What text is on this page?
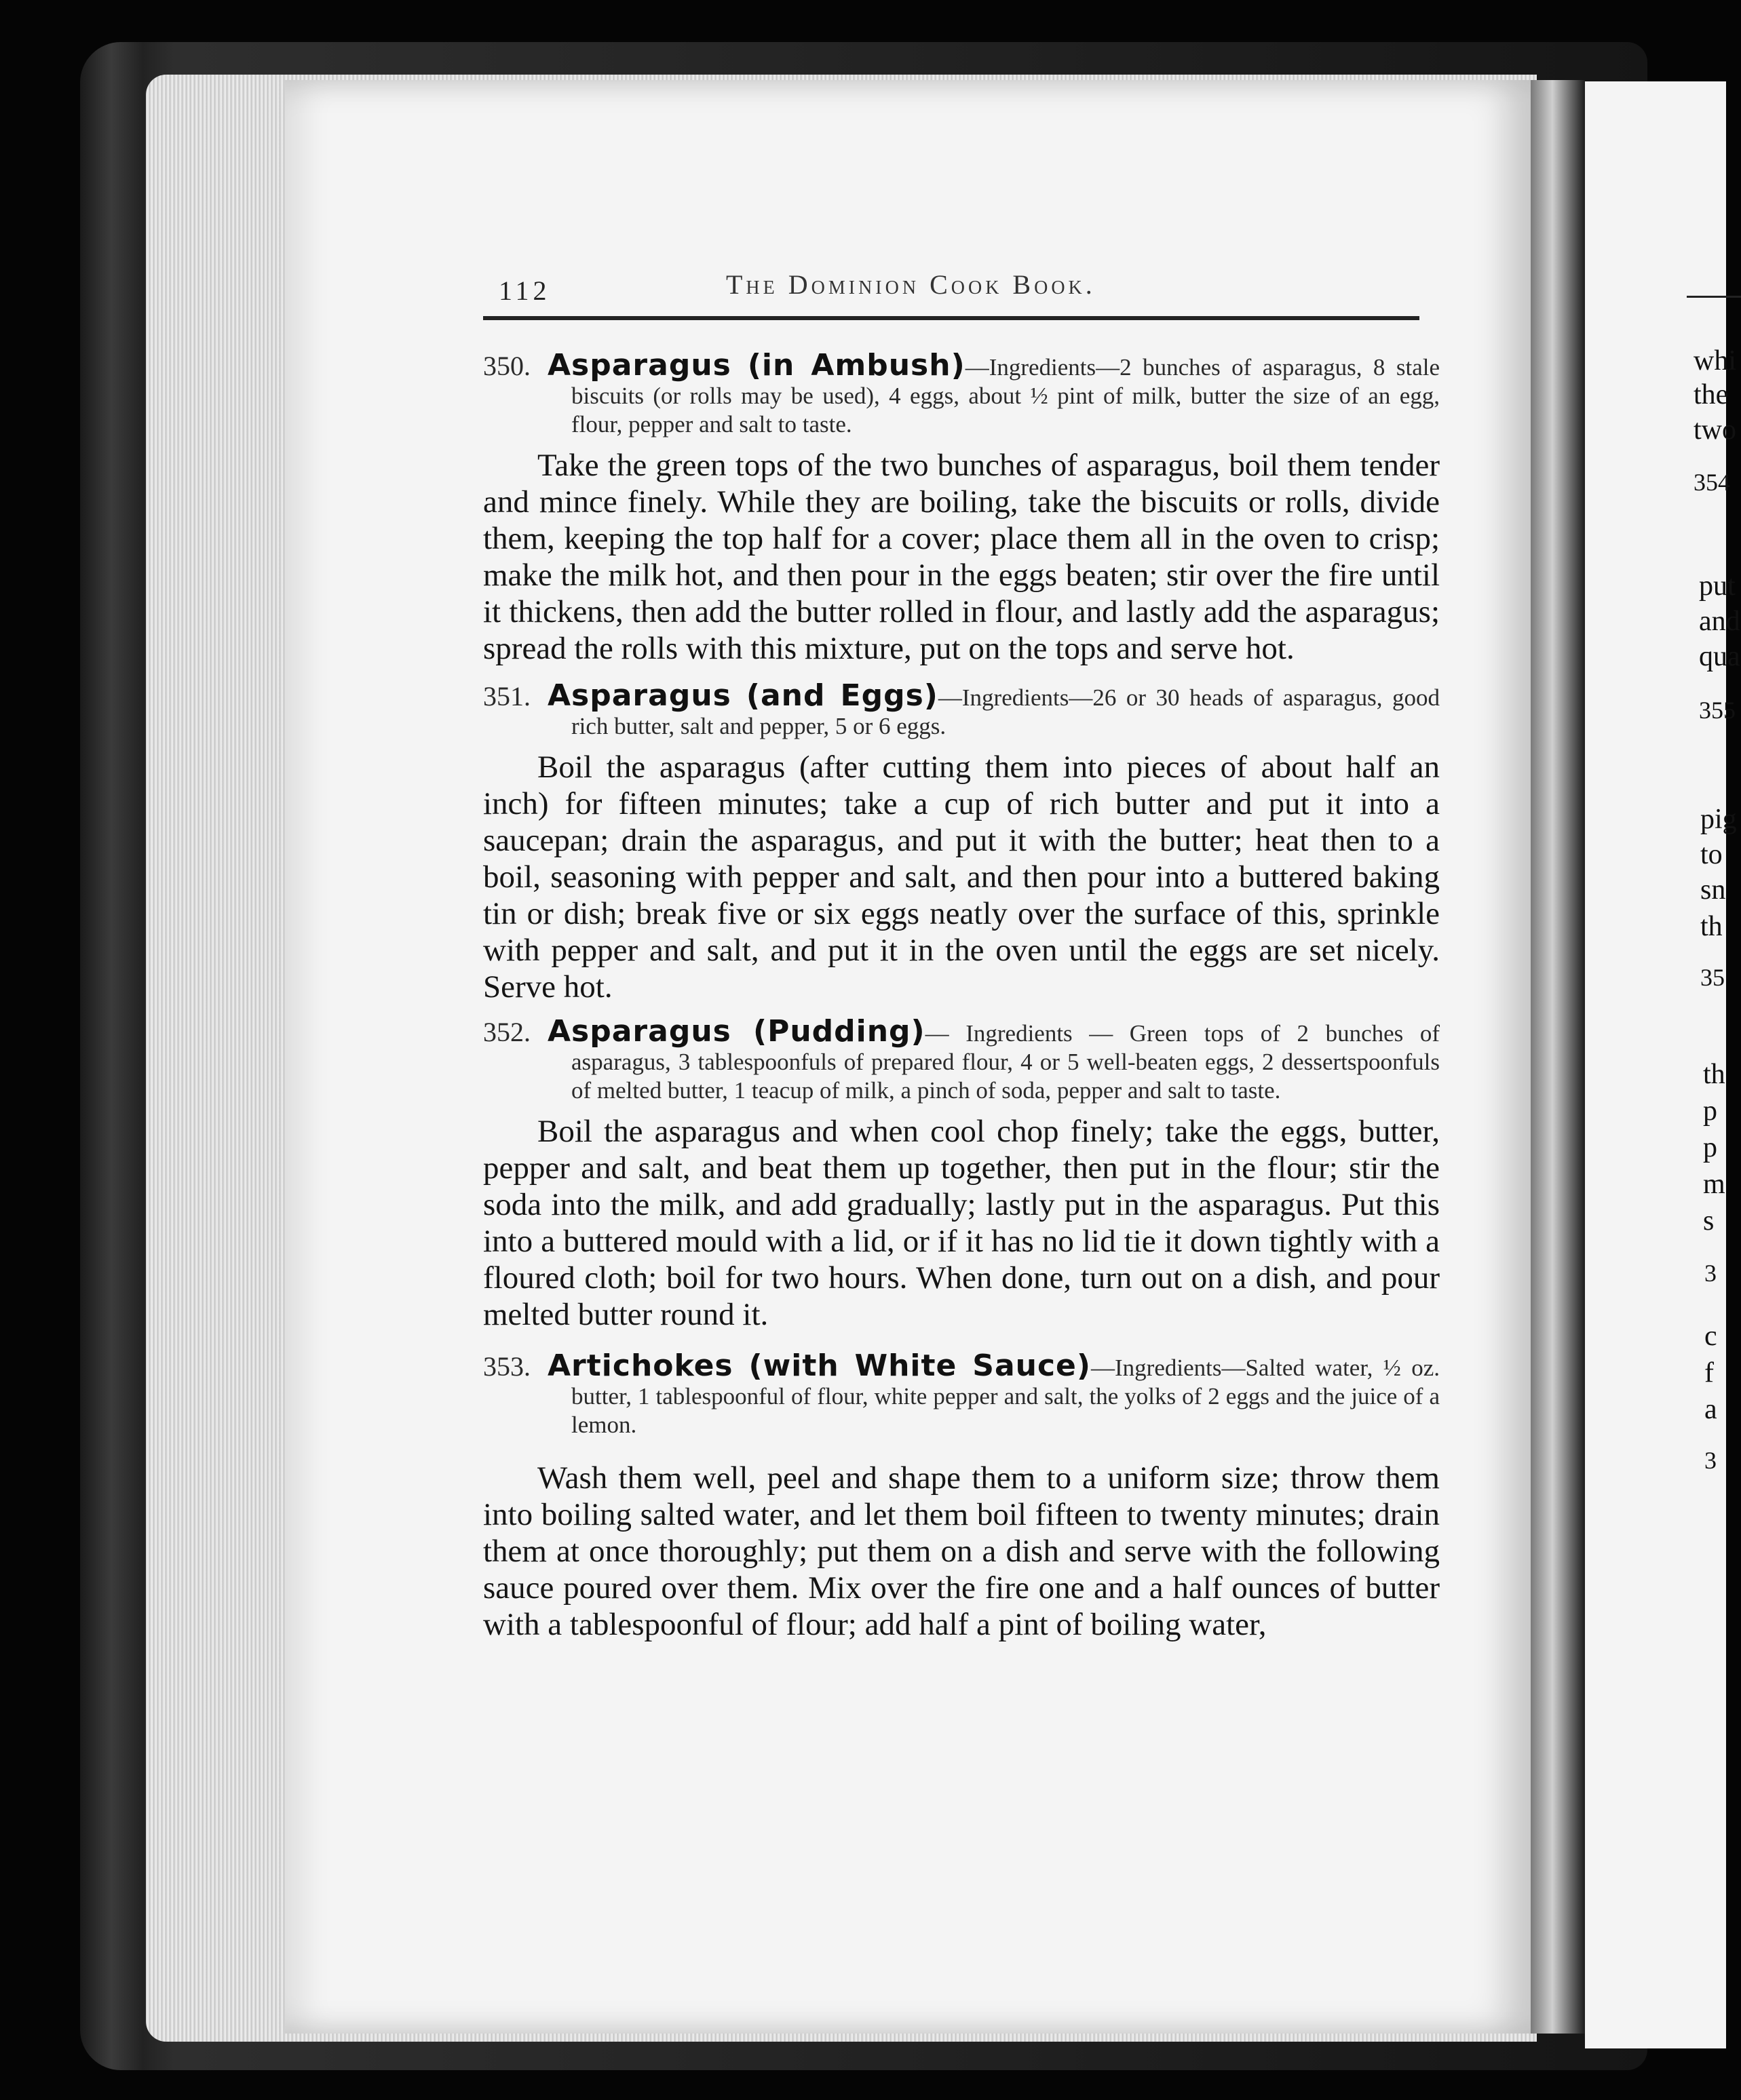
whi
the
two
354
put
and
qua
355
pig
to
sn
th
35
th
p
p
m
s
3
c
f
a
3
112	The Dominion Cook Book.
350. Asparagus (in Ambush)—Ingredients—2 bunches of asparagus, 8 stale biscuits (or rolls may be used), 4 eggs, about ½ pint of milk, butter the size of an egg, flour, pepper and salt to taste.

Take the green tops of the two bunches of asparagus, boil them tender and mince finely. While they are boiling, take the biscuits or rolls, divide them, keeping the top half for a cover; place them all in the oven to crisp; make the milk hot, and then pour in the eggs beaten; stir over the fire until it thickens, then add the butter rolled in flour, and lastly add the asparagus; spread the rolls with this mixture, put on the tops and serve hot.

351. Asparagus (and Eggs)—Ingredients—26 or 30 heads of asparagus, good rich butter, salt and pepper, 5 or 6 eggs.

Boil the asparagus (after cutting them into pieces of about half an inch) for fifteen minutes; take a cup of rich butter and put it into a saucepan; drain the asparagus, and put it with the butter; heat then to a boil, seasoning with pepper and salt, and then pour into a buttered baking tin or dish; break five or six eggs neatly over the surface of this, sprinkle with pepper and salt, and put it in the oven until the eggs are set nicely. Serve hot.

352. Asparagus (Pudding)— Ingredients — Green tops of 2 bunches of asparagus, 3 tablespoonfuls of prepared flour, 4 or 5 well-beaten eggs, 2 dessertspoonfuls of melted butter, 1 teacup of milk, a pinch of soda, pepper and salt to taste.

Boil the asparagus and when cool chop finely; take the eggs, butter, pepper and salt, and beat them up together, then put in the flour; stir the soda into the milk, and add gradually; lastly put in the asparagus. Put this into a buttered mould with a lid, or if it has no lid tie it down tightly with a floured cloth; boil for two hours. When done, turn out on a dish, and pour melted butter round it.

353. Artichokes (with White Sauce)—Ingredients—Salted water, ½ oz. butter, 1 tablespoonful of flour, white pepper and salt, the yolks of 2 eggs and the juice of a lemon.

Wash them well, peel and shape them to a uniform size; throw them into boiling salted water, and let them boil fifteen to twenty minutes; drain them at once thoroughly; put them on a dish and serve with the following sauce poured over them. Mix over the fire one and a half ounces of butter with a tablespoonful of flour; add half a pint of boiling water,
